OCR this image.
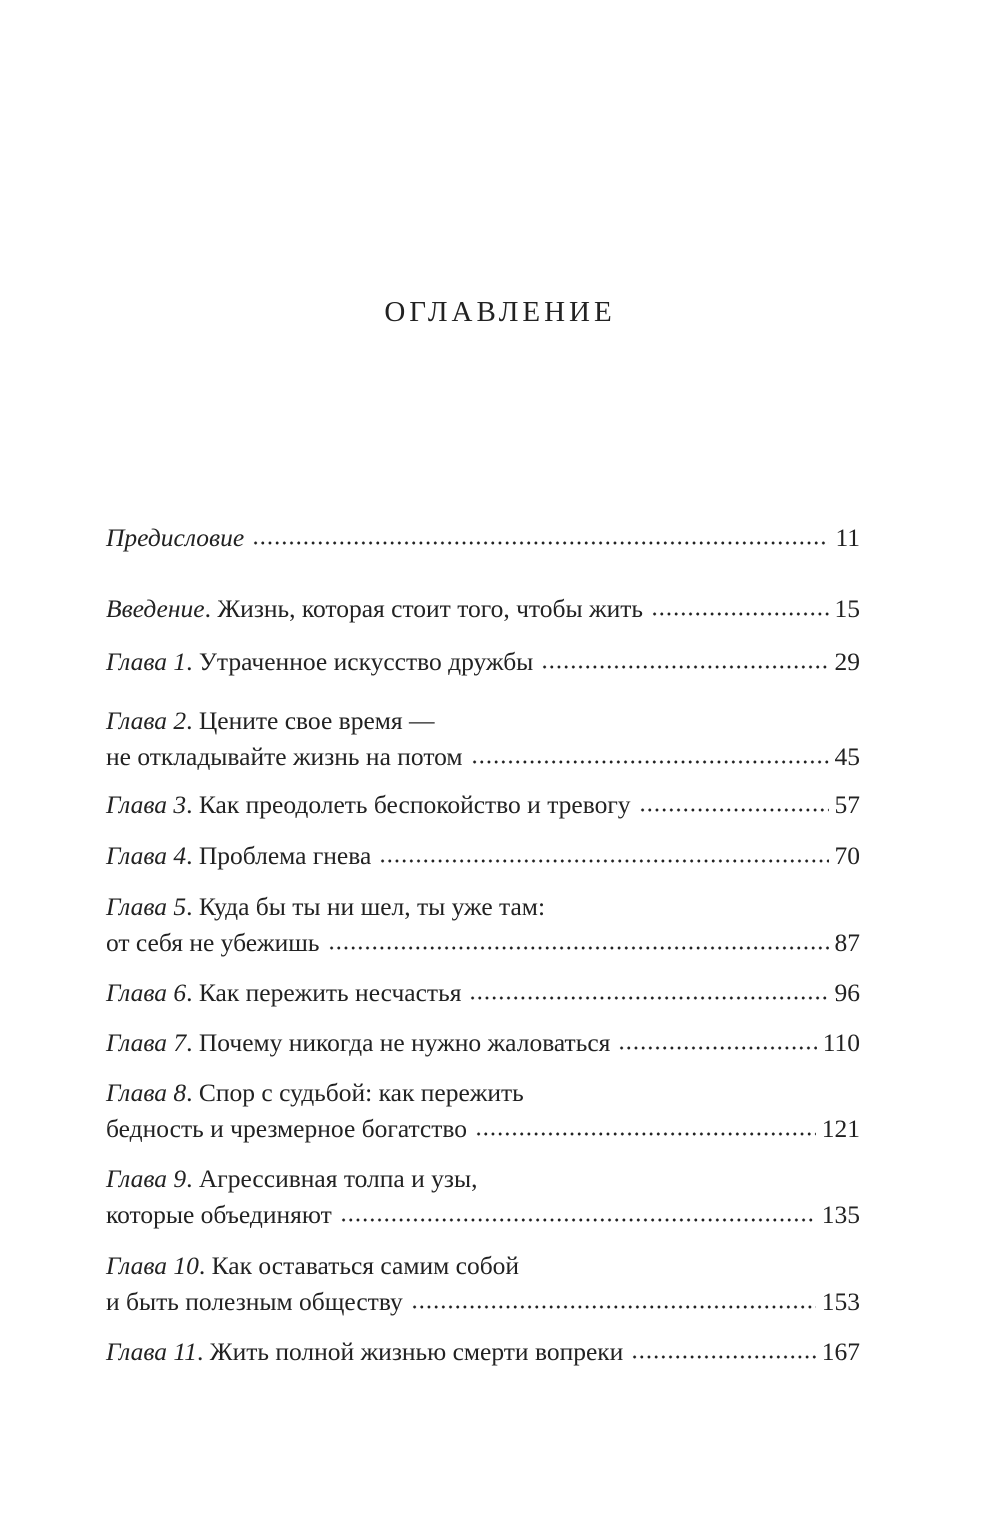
ОГЛАВЛЕНИЕ
Предисловие	11
Введение . Жизнь, которая стоит того, чтобы жить	15
Глава 1 . Утраченное искусство дружбы	29
Глава 2 . Цените свое время —
не откладывайте жизнь на потом	45
Глава 3 . Как преодолеть беспокойство и тревогу	57
Глава 4 . Проблема гнева	70
Глава 5 . Куда бы ты ни шел, ты уже там:
от себя не убежишь	87
Глава 6 . Как пережить несчастья	96
Глава 7 . Почему никогда не нужно жаловаться	110
Глава 8 . Спор с судьбой: как пережить
бедность и чрезмерное богатство	121
Глава 9 . Агрессивная толпа и узы,
которые объединяют	135
Глава 10 . Как оставаться самим собой
и быть полезным обществу	153
Глава 11 . Жить полной жизнью смерти вопреки	167
